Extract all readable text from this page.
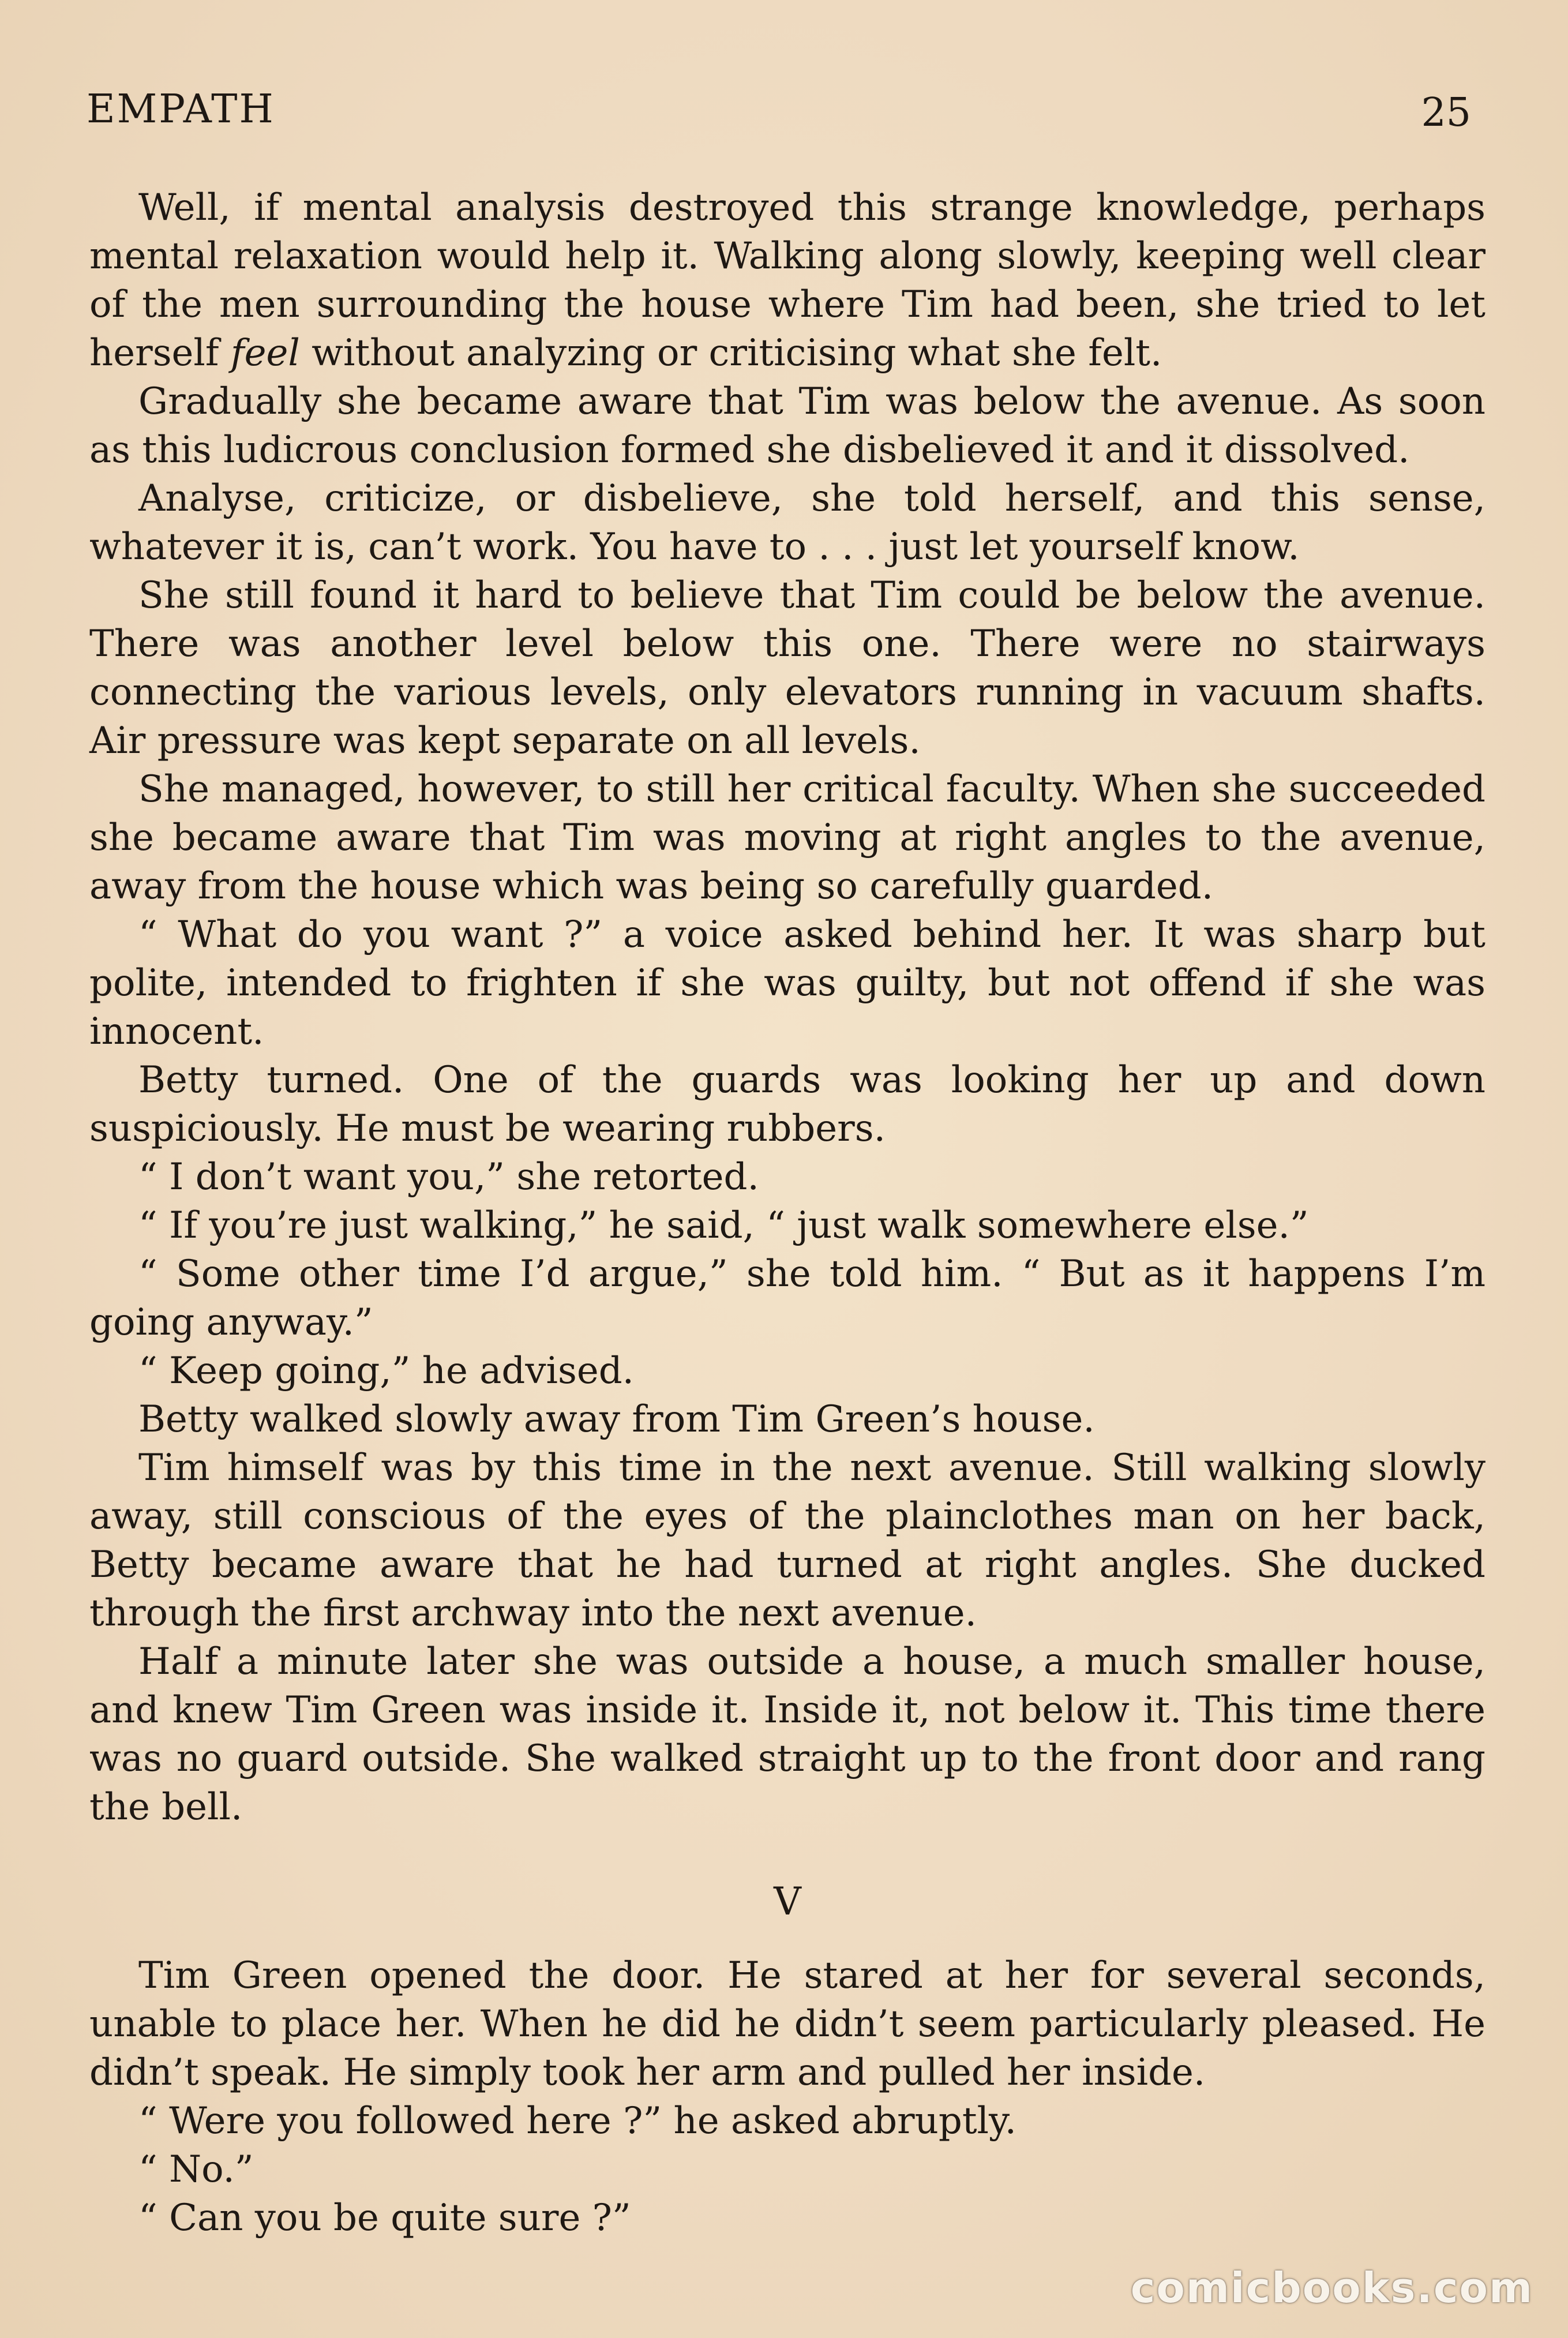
EMPATH	25

Well, if mental analysis destroyed this strange knowledge, perhaps mental relaxation would help it. Walking along slowly, keeping well clear of the men surrounding the house where Tim had been, she tried to let herself feel without analyzing or criticising what she felt.

Gradually she became aware that Tim was below the avenue. As soon as this ludicrous conclusion formed she disbelieved it and it dissolved.

Analyse, criticize, or disbelieve, she told herself, and this sense, whatever it is, can’t work. You have to . . . just let yourself know.

She still found it hard to believe that Tim could be below the avenue. There was another level below this one. There were no stairways connecting the various levels, only elevators running in vacuum shafts. Air pressure was kept separate on all levels.

She managed, however, to still her critical faculty. When she succeeded she became aware that Tim was moving at right angles to the avenue, away from the house which was being so carefully guarded.

“ What do you want ?” a voice asked behind her. It was sharp but polite, intended to frighten if she was guilty, but not offend if she was innocent.

Betty turned. One of the guards was looking her up and down suspiciously. He must be wearing rubbers.

“ I don’t want you,” she retorted.

“ If you’re just walking,” he said, “ just walk somewhere else.”

“ Some other time I’d argue,” she told him. “ But as it happens I’m going anyway.”

“ Keep going,” he advised.

Betty walked slowly away from Tim Green’s house.

Tim himself was by this time in the next avenue. Still walking slowly away, still conscious of the eyes of the plainclothes man on her back, Betty became aware that he had turned at right angles. She ducked through the first archway into the next avenue.

Half a minute later she was outside a house, a much smaller house, and knew Tim Green was inside it. Inside it, not below it. This time there was no guard outside. She walked straight up to the front door and rang the bell.

V

Tim Green opened the door. He stared at her for several seconds, unable to place her. When he did he didn’t seem particularly pleased. He didn’t speak. He simply took her arm and pulled her inside.

“ Were you followed here ?” he asked abruptly.

“ No.”

“ Can you be quite sure ?”

comicbooks.com
